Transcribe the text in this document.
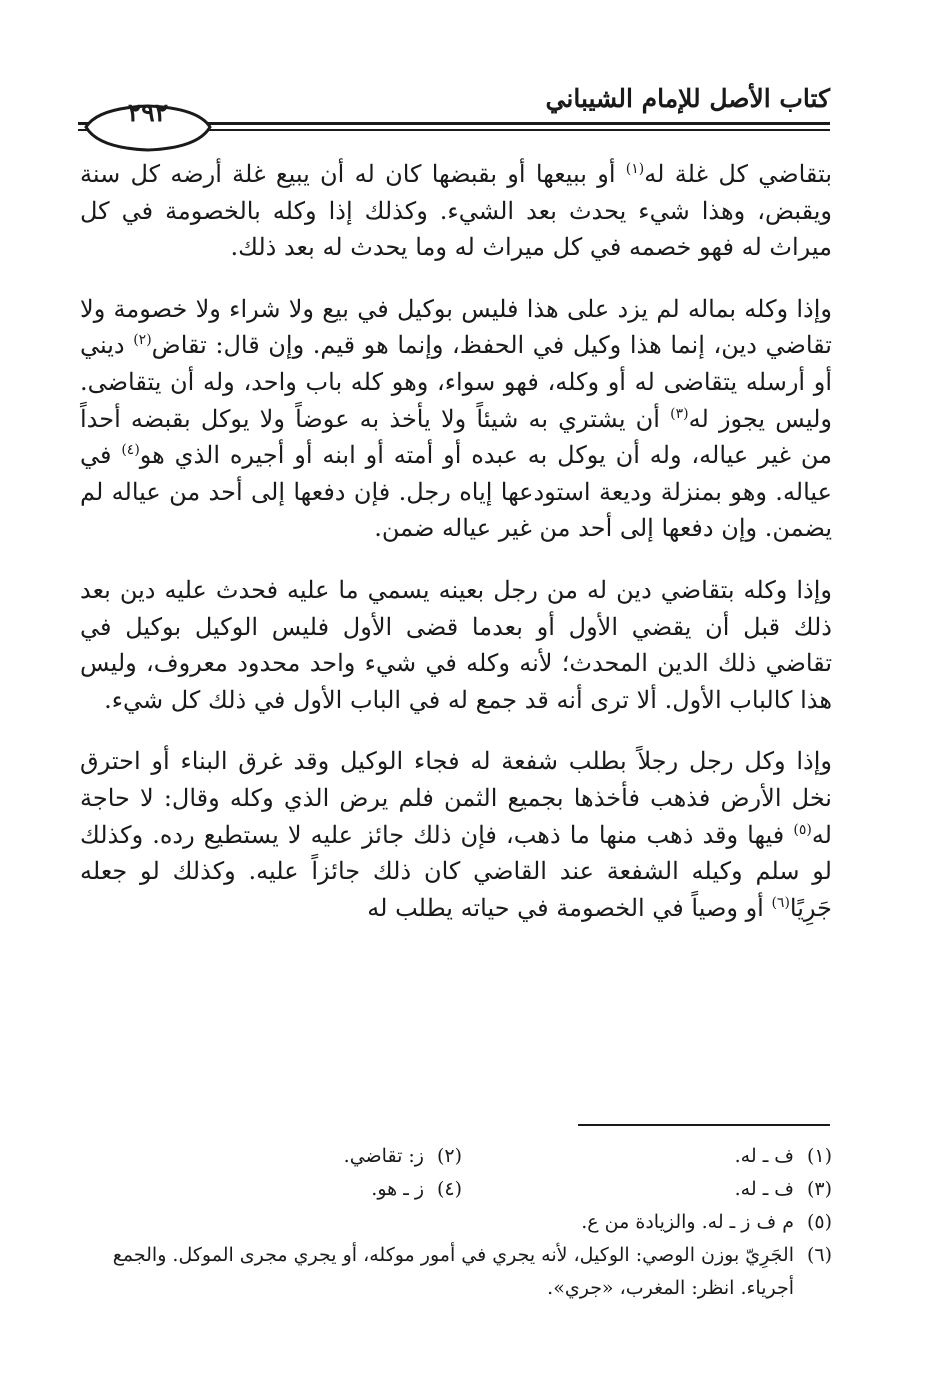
٢٩٢	كتاب الأصل للإمام الشيباني

بتقاضي كل غلة له$^{(١)}$ أو ببيعها أو بقبضها كان له أن يبيع غلة أرضه كل سنة ويقبض، وهذا شيء يحدث بعد الشيء. وكذلك إذا وكله بالخصومة في كل ميراث له فهو خصمه في كل ميراث له وما يحدث له بعد ذلك.

وإذا وكله بماله لم يزد على هذا فليس بوكيل في بيع ولا شراء ولا خصومة ولا تقاضي دين، إنما هذا وكيل في الحفظ، وإنما هو قيم. وإن قال: تقاض$^{(٢)}$ ديني أو أرسله يتقاضى له أو وكله، فهو سواء، وهو كله باب واحد، وله أن يتقاضى. وليس يجوز له$^{(٣)}$ أن يشتري به شيئاً ولا يأخذ به عوضاً ولا يوكل بقبضه أحداً من غير عياله، وله أن يوكل به عبده أو أمته أو ابنه أو أجيره الذي هو$^{(٤)}$ في عياله. وهو بمنزلة وديعة استودعها إياه رجل. فإن دفعها إلى أحد من عياله لم يضمن. وإن دفعها إلى أحد من غير عياله ضمن.

وإذا وكله بتقاضي دين له من رجل بعينه يسمي ما عليه فحدث عليه دين بعد ذلك قبل أن يقضي الأول أو بعدما قضى الأول فليس الوكيل بوكيل في تقاضي ذلك الدين المحدث؛ لأنه وكله في شيء واحد محدود معروف، وليس هذا كالباب الأول. ألا ترى أنه قد جمع له في الباب الأول في ذلك كل شيء.

وإذا وكل رجل رجلاً بطلب شفعة له فجاء الوكيل وقد غرق البناء أو احترق نخل الأرض فذهب فأخذها بجميع الثمن فلم يرض الذي وكله وقال: لا حاجة له$^{(٥)}$ فيها وقد ذهب منها ما ذهب، فإن ذلك جائز عليه لا يستطيع رده. وكذلك لو سلم وكيله الشفعة عند القاضي كان ذلك جائزاً عليه. وكذلك لو جعله جَرِيًا$^{(٦)}$ أو وصياً في الخصومة في حياته يطلب له

(١)
ف ـ له.
(٢)
ز: تقاضي.
(٣)
ف ـ له.
(٤)
ز ـ هو.
(٥)
م ف ز ـ له. والزيادة من ع.
(٦)
الجَرِيّ بوزن الوصي: الوكيل، لأنه يجري في أمور موكله، أو يجري مجرى الموكل. والجمع أجرياء. انظر: المغرب، «جري».
